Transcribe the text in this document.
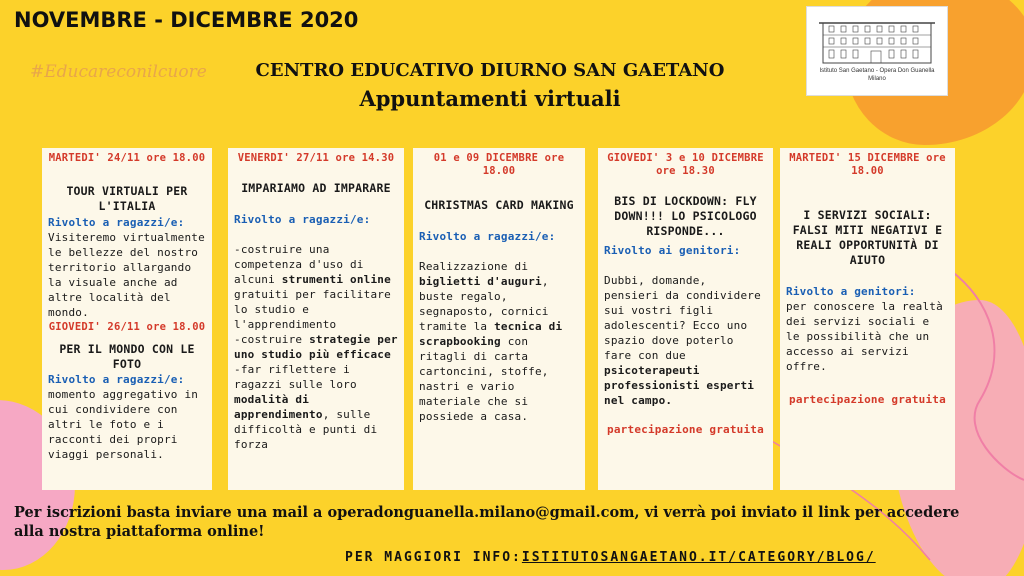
NOVEMBRE - DICEMBRE 2020
#Educareconilcuore	CENTRO EDUCATIVO DIURNO SAN GAETANO
Appuntamenti virtuali
Istituto San Gaetano - Opera Don Guanella
Milano
MARTEDI' 24/11 ore 18.00
TOUR VIRTUALI PER L'ITALIA
Rivolto a ragazzi/e:
Visiteremo virtualmente le bellezze del nostro territorio allargando la visuale anche ad altre località del mondo.
GIOVEDI' 26/11 ore 18.00
PER IL MONDO CON LE FOTO
Rivolto a ragazzi/e:
momento aggregativo in cui condividere con altri le foto e i racconti dei propri viaggi personali.
VENERDI' 27/11 ore 14.30
IMPARIAMO AD IMPARARE
Rivolto a ragazzi/e:
-costruire una competenza d'uso di alcuni strumenti online gratuiti per facilitare lo studio e l'apprendimento
-costruire strategie per uno studio più efficace
-far riflettere i ragazzi sulle loro modalità di apprendimento, sulle difficoltà e punti di forza
01 e 09 DICEMBRE ore 18.00
CHRISTMAS CARD MAKING
Rivolto a ragazzi/e:
Realizzazione di biglietti d'auguri, buste regalo, segnaposto, cornici tramite la tecnica di scrapbooking con ritagli di carta cartoncini, stoffe, nastri e vario materiale che si possiede a casa.
GIOVEDI' 3 e 10 DICEMBRE ore 18.30
BIS DI LOCKDOWN: FLY DOWN!!! LO PSICOLOGO RISPONDE...
Rivolto ai genitori:
Dubbi, domande, pensieri da condividere sui vostri figli adolescenti? Ecco uno spazio dove poterlo fare con due psicoterapeuti professionisti esperti nel campo.
partecipazione gratuita
MARTEDI' 15 DICEMBRE ore 18.00
I SERVIZI SOCIALI: FALSI MITI NEGATIVI E REALI OPPORTUNITÀ DI AIUTO
Rivolto a genitori:
per conoscere la realtà dei servizi sociali e le possibilità che un accesso ai servizi offre.
partecipazione gratuita
Per iscrizioni basta inviare una mail a operadonguanella.milano@gmail.com, vi verrà poi inviato il link per accedere alla nostra piattaforma online!
PER MAGGIORI INFO:ISTITUTOSANGAETANO.IT/CATEGORY/BLOG/
